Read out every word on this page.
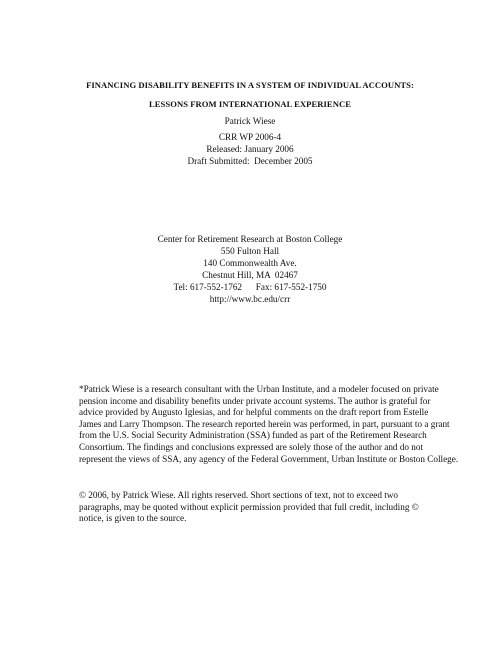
FINANCING DISABILITY BENEFITS IN A SYSTEM OF INDIVIDUAL ACCOUNTS:
LESSONS FROM INTERNATIONAL EXPERIENCE
Patrick Wiese
CRR WP 2006-4
Released: January 2006
Draft Submitted:  December 2005
Center for Retirement Research at Boston College
550 Fulton Hall
140 Commonwealth Ave.
Chestnut Hill, MA  02467
Tel: 617-552-1762      Fax: 617-552-1750
http://www.bc.edu/crr
*Patrick Wiese is a research consultant with the Urban Institute, and a modeler focused on private
pension income and disability benefits under private account systems. The author is grateful for
advice provided by Augusto Iglesias, and for helpful comments on the draft report from Estelle
James and Larry Thompson. The research reported herein was performed, in part, pursuant to a grant
from the U.S. Social Security Administration (SSA) funded as part of the Retirement Research
Consortium. The findings and conclusions expressed are solely those of the author and do not
represent the views of SSA, any agency of the Federal Government, Urban Institute or Boston College.
© 2006, by Patrick Wiese. All rights reserved. Short sections of text, not to exceed two
paragraphs, may be quoted without explicit permission provided that full credit, including ©
notice, is given to the source.
